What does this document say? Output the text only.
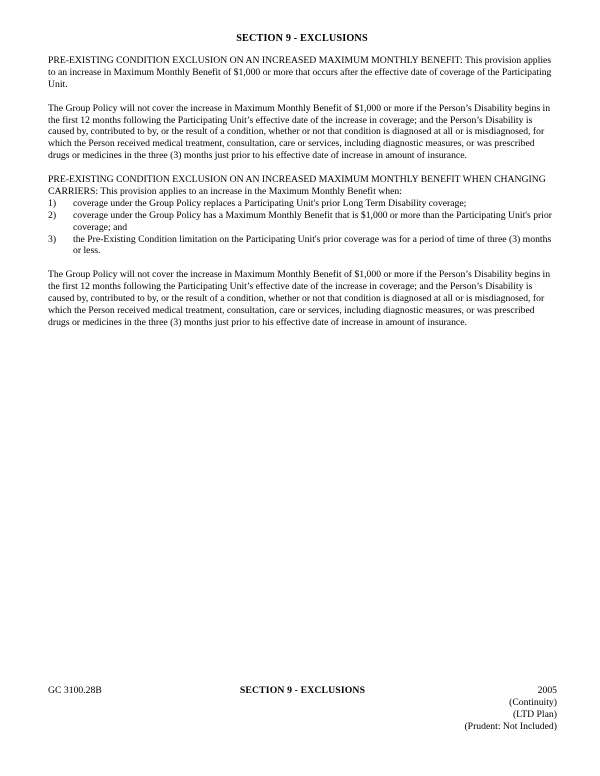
SECTION 9 - EXCLUSIONS

PRE-EXISTING CONDITION EXCLUSION ON AN INCREASED MAXIMUM MONTHLY BENEFIT: This provision applies to an increase in Maximum Monthly Benefit of $1,000 or more that occurs after the effective date of coverage of the Participating Unit.

The Group Policy will not cover the increase in Maximum Monthly Benefit of $1,000 or more if the Person’s Disability begins in the first 12 months following the Participating Unit’s effective date of the increase in coverage; and the Person’s Disability is caused by, contributed to by, or the result of a condition, whether or not that condition is diagnosed at all or is misdiagnosed, for which the Person received medical treatment, consultation, care or services, including diagnostic measures, or was prescribed drugs or medicines in the three (3) months just prior to his effective date of increase in amount of insurance.

PRE-EXISTING CONDITION EXCLUSION ON AN INCREASED MAXIMUM MONTHLY BENEFIT WHEN CHANGING CARRIERS: This provision applies to an increase in the Maximum Monthly Benefit when:

1)	coverage under the Group Policy replaces a Participating Unit's prior Long Term Disability coverage;
2)	coverage under the Group Policy has a Maximum Monthly Benefit that is $1,000 or more than the Participating Unit's prior coverage; and
3)	the Pre-Existing Condition limitation on the Participating Unit's prior coverage was for a period of time of three (3) months or less.

The Group Policy will not cover the increase in Maximum Monthly Benefit of $1,000 or more if the Person’s Disability begins in the first 12 months following the Participating Unit’s effective date of the increase in coverage; and the Person’s Disability is caused by, contributed to by, or the result of a condition, whether or not that condition is diagnosed at all or is misdiagnosed, for which the Person received medical treatment, consultation, care or services, including diagnostic measures, or was prescribed drugs or medicines in the three (3) months just prior to his effective date of increase in amount of insurance.

GC 3100.28B	SECTION 9 - EXCLUSIONS	2005
(Continuity)
(LTD Plan)
(Prudent: Not Included)
